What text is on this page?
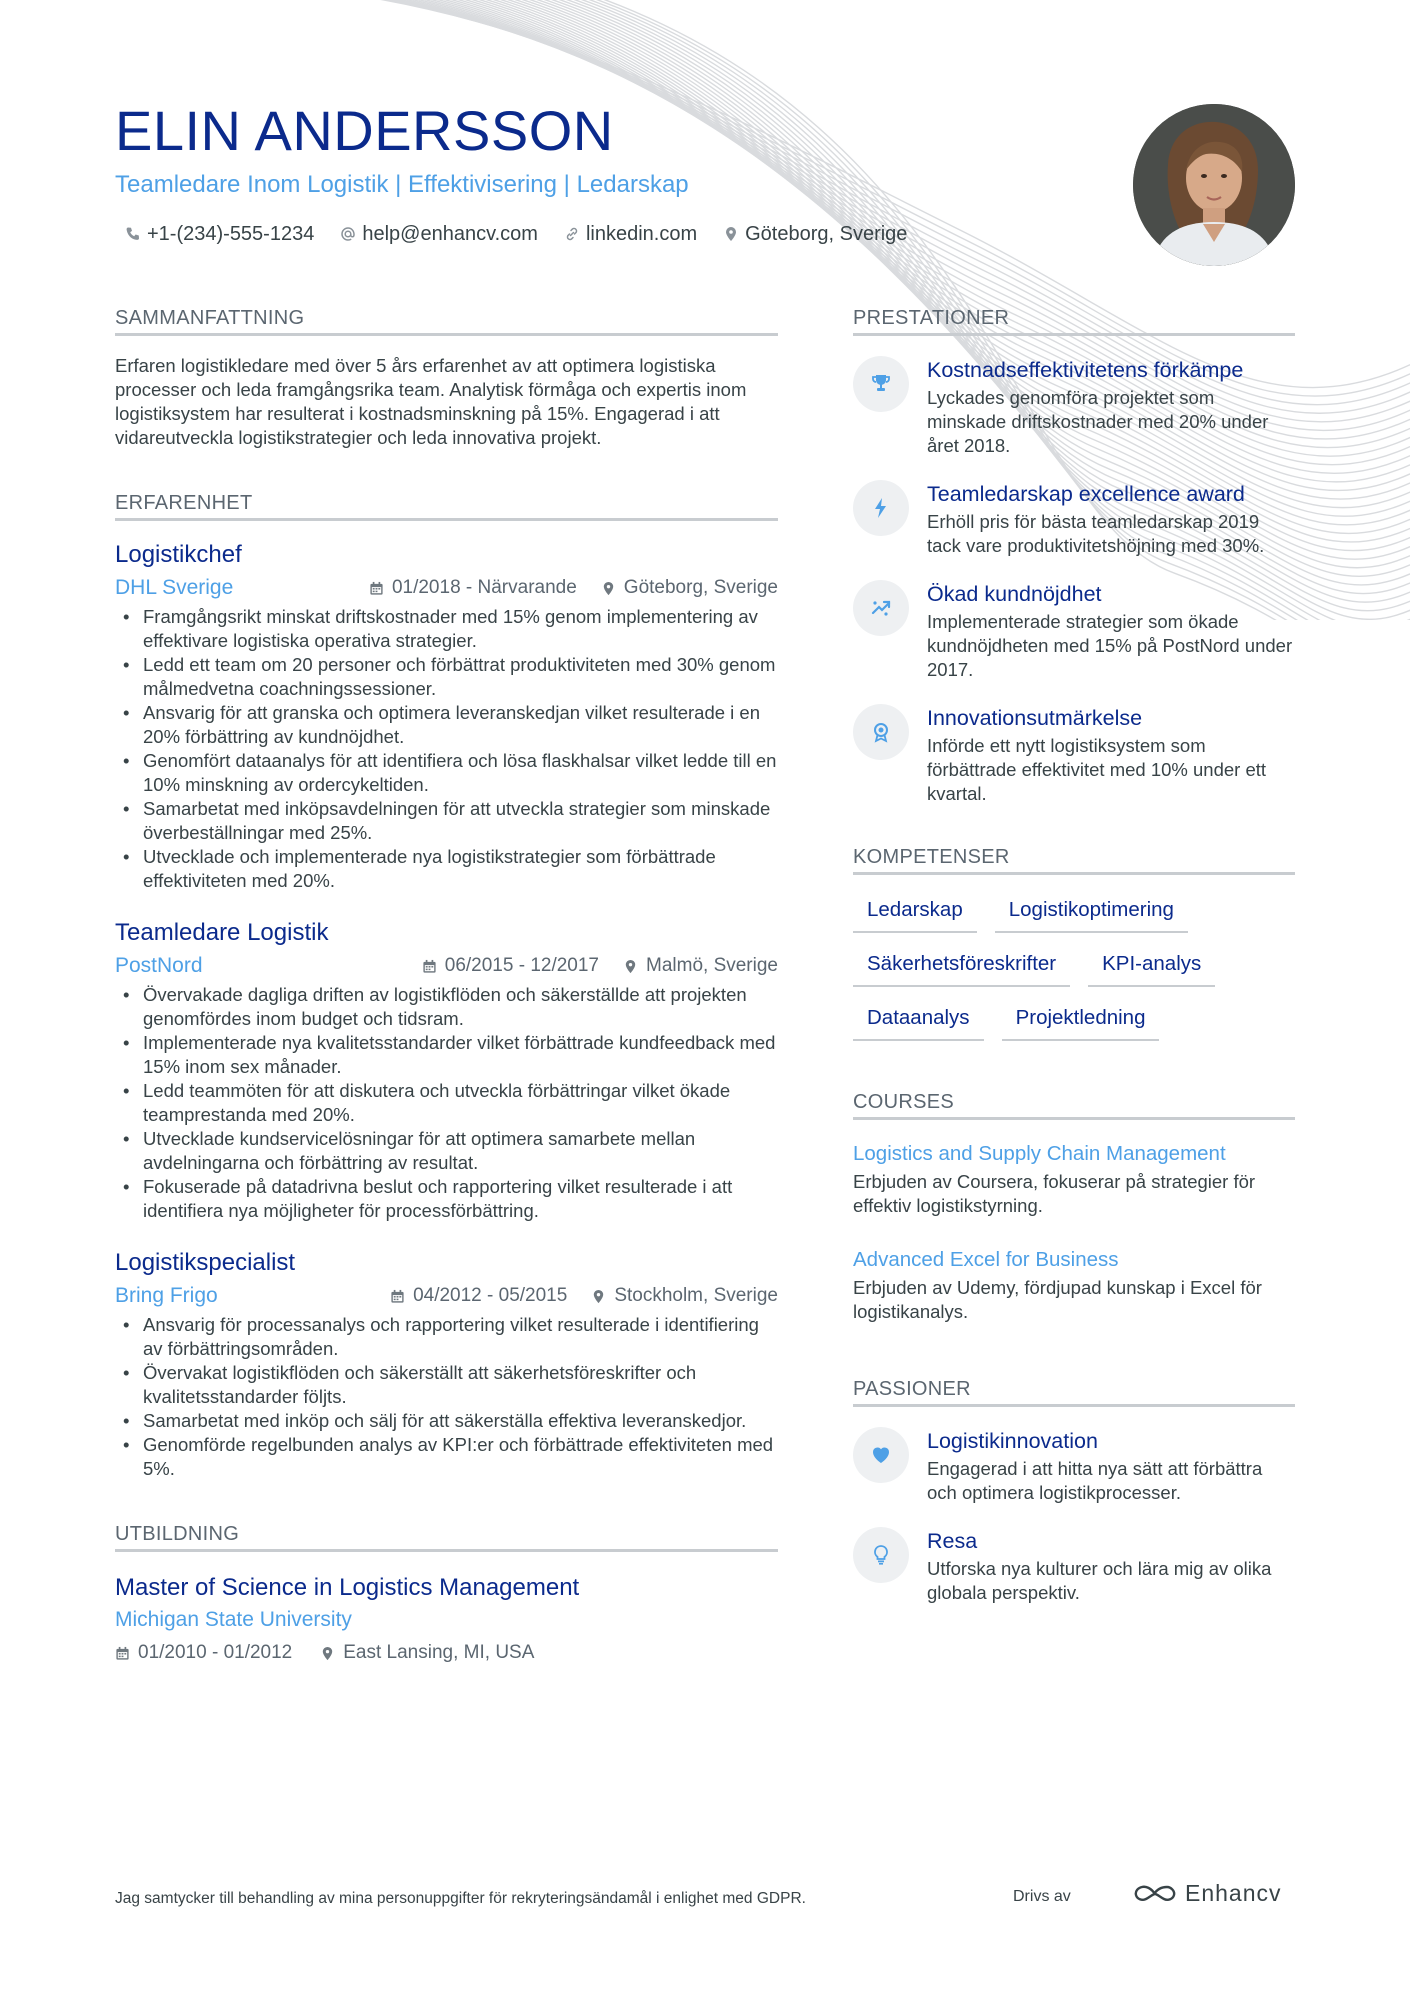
ELIN ANDERSSON
Teamledare Inom Logistik | Effektivisering | Ledarskap
+1-(234)-555-1234 help@enhancv.com linkedin.com Göteborg, Sverige
SAMMANFATTNING

Erfaren logistikledare med över 5 års erfarenhet av att optimera logistiska processer och leda framgångsrika team. Analytisk förmåga och expertis inom logistiksystem har resulterat i kostnadsminskning på 15%. Engagerad i att vidareutveckla logistikstrategier och leda innovativa projekt.

ERFARENHET
Logistikchef
DHL Sverige	01/2018 - Närvarande Göteborg, Sverige
• Framgångsrikt minskat driftskostnader med 15% genom implementering av effektivare logistiska operativa strategier.
• Ledd ett team om 20 personer och förbättrat produktiviteten med 30% genom målmedvetna coachningssessioner.
• Ansvarig för att granska och optimera leveranskedjan vilket resulterade i en 20% förbättring av kundnöjdhet.
• Genomfört dataanalys för att identifiera och lösa flaskhalsar vilket ledde till en 10% minskning av ordercykeltiden.
• Samarbetat med inköpsavdelningen för att utveckla strategier som minskade överbeställningar med 25%.
• Utvecklade och implementerade nya logistikstrategier som förbättrade effektiviteten med 20%.
Teamledare Logistik
PostNord	06/2015 - 12/2017 Malmö, Sverige
• Övervakade dagliga driften av logistikflöden och säkerställde att projekten genomfördes inom budget och tidsram.
• Implementerade nya kvalitetsstandarder vilket förbättrade kundfeedback med 15% inom sex månader.
• Ledd teammöten för att diskutera och utveckla förbättringar vilket ökade teamprestanda med 20%.
• Utvecklade kundservicelösningar för att optimera samarbete mellan avdelningarna och förbättring av resultat.
• Fokuserade på datadrivna beslut och rapportering vilket resulterade i att identifiera nya möjligheter för processförbättring.
Logistikspecialist
Bring Frigo	04/2012 - 05/2015 Stockholm, Sverige
• Ansvarig för processanalys och rapportering vilket resulterade i identifiering av förbättringsområden.
• Övervakat logistikflöden och säkerställt att säkerhetsföreskrifter och kvalitetsstandarder följts.
• Samarbetat med inköp och sälj för att säkerställa effektiva leveranskedjor.
• Genomförde regelbunden analys av KPI:er och förbättrade effektiviteten med 5%.
UTBILDNING
Master of Science in Logistics Management
Michigan State University
01/2010 - 01/2012	East Lansing, MI, USA
PRESTATIONER
Kostnadseffektivitetens förkämpe
Lyckades genomföra projektet som minskade driftskostnader med 20% under året 2018.
Teamledarskap excellence award
Erhöll pris för bästa teamledarskap 2019 tack vare produktivitetshöjning med 30%.
Ökad kundnöjdhet
Implementerade strategier som ökade kundnöjdheten med 15% på PostNord under 2017.
Innovationsutmärkelse
Införde ett nytt logistiksystem som förbättrade effektivitet med 10% under ett kvartal.
KOMPETENSER
Ledarskap	Logistikoptimering
Säkerhetsföreskrifter	KPI-analys
Dataanalys	Projektledning
COURSES
Logistics and Supply Chain Management
Erbjuden av Coursera, fokuserar på strategier för effektiv logistikstyrning.
Advanced Excel for Business
Erbjuden av Udemy, fördjupad kunskap i Excel för logistikanalys.
PASSIONER
Logistikinnovation
Engagerad i att hitta nya sätt att förbättra och optimera logistikprocesser.
Resa
Utforska nya kulturer och lära mig av olika globala perspektiv.
Jag samtycker till behandling av mina personuppgifter för rekryteringsändamål i enlighet med GDPR.	Drivs av	Enhancv
